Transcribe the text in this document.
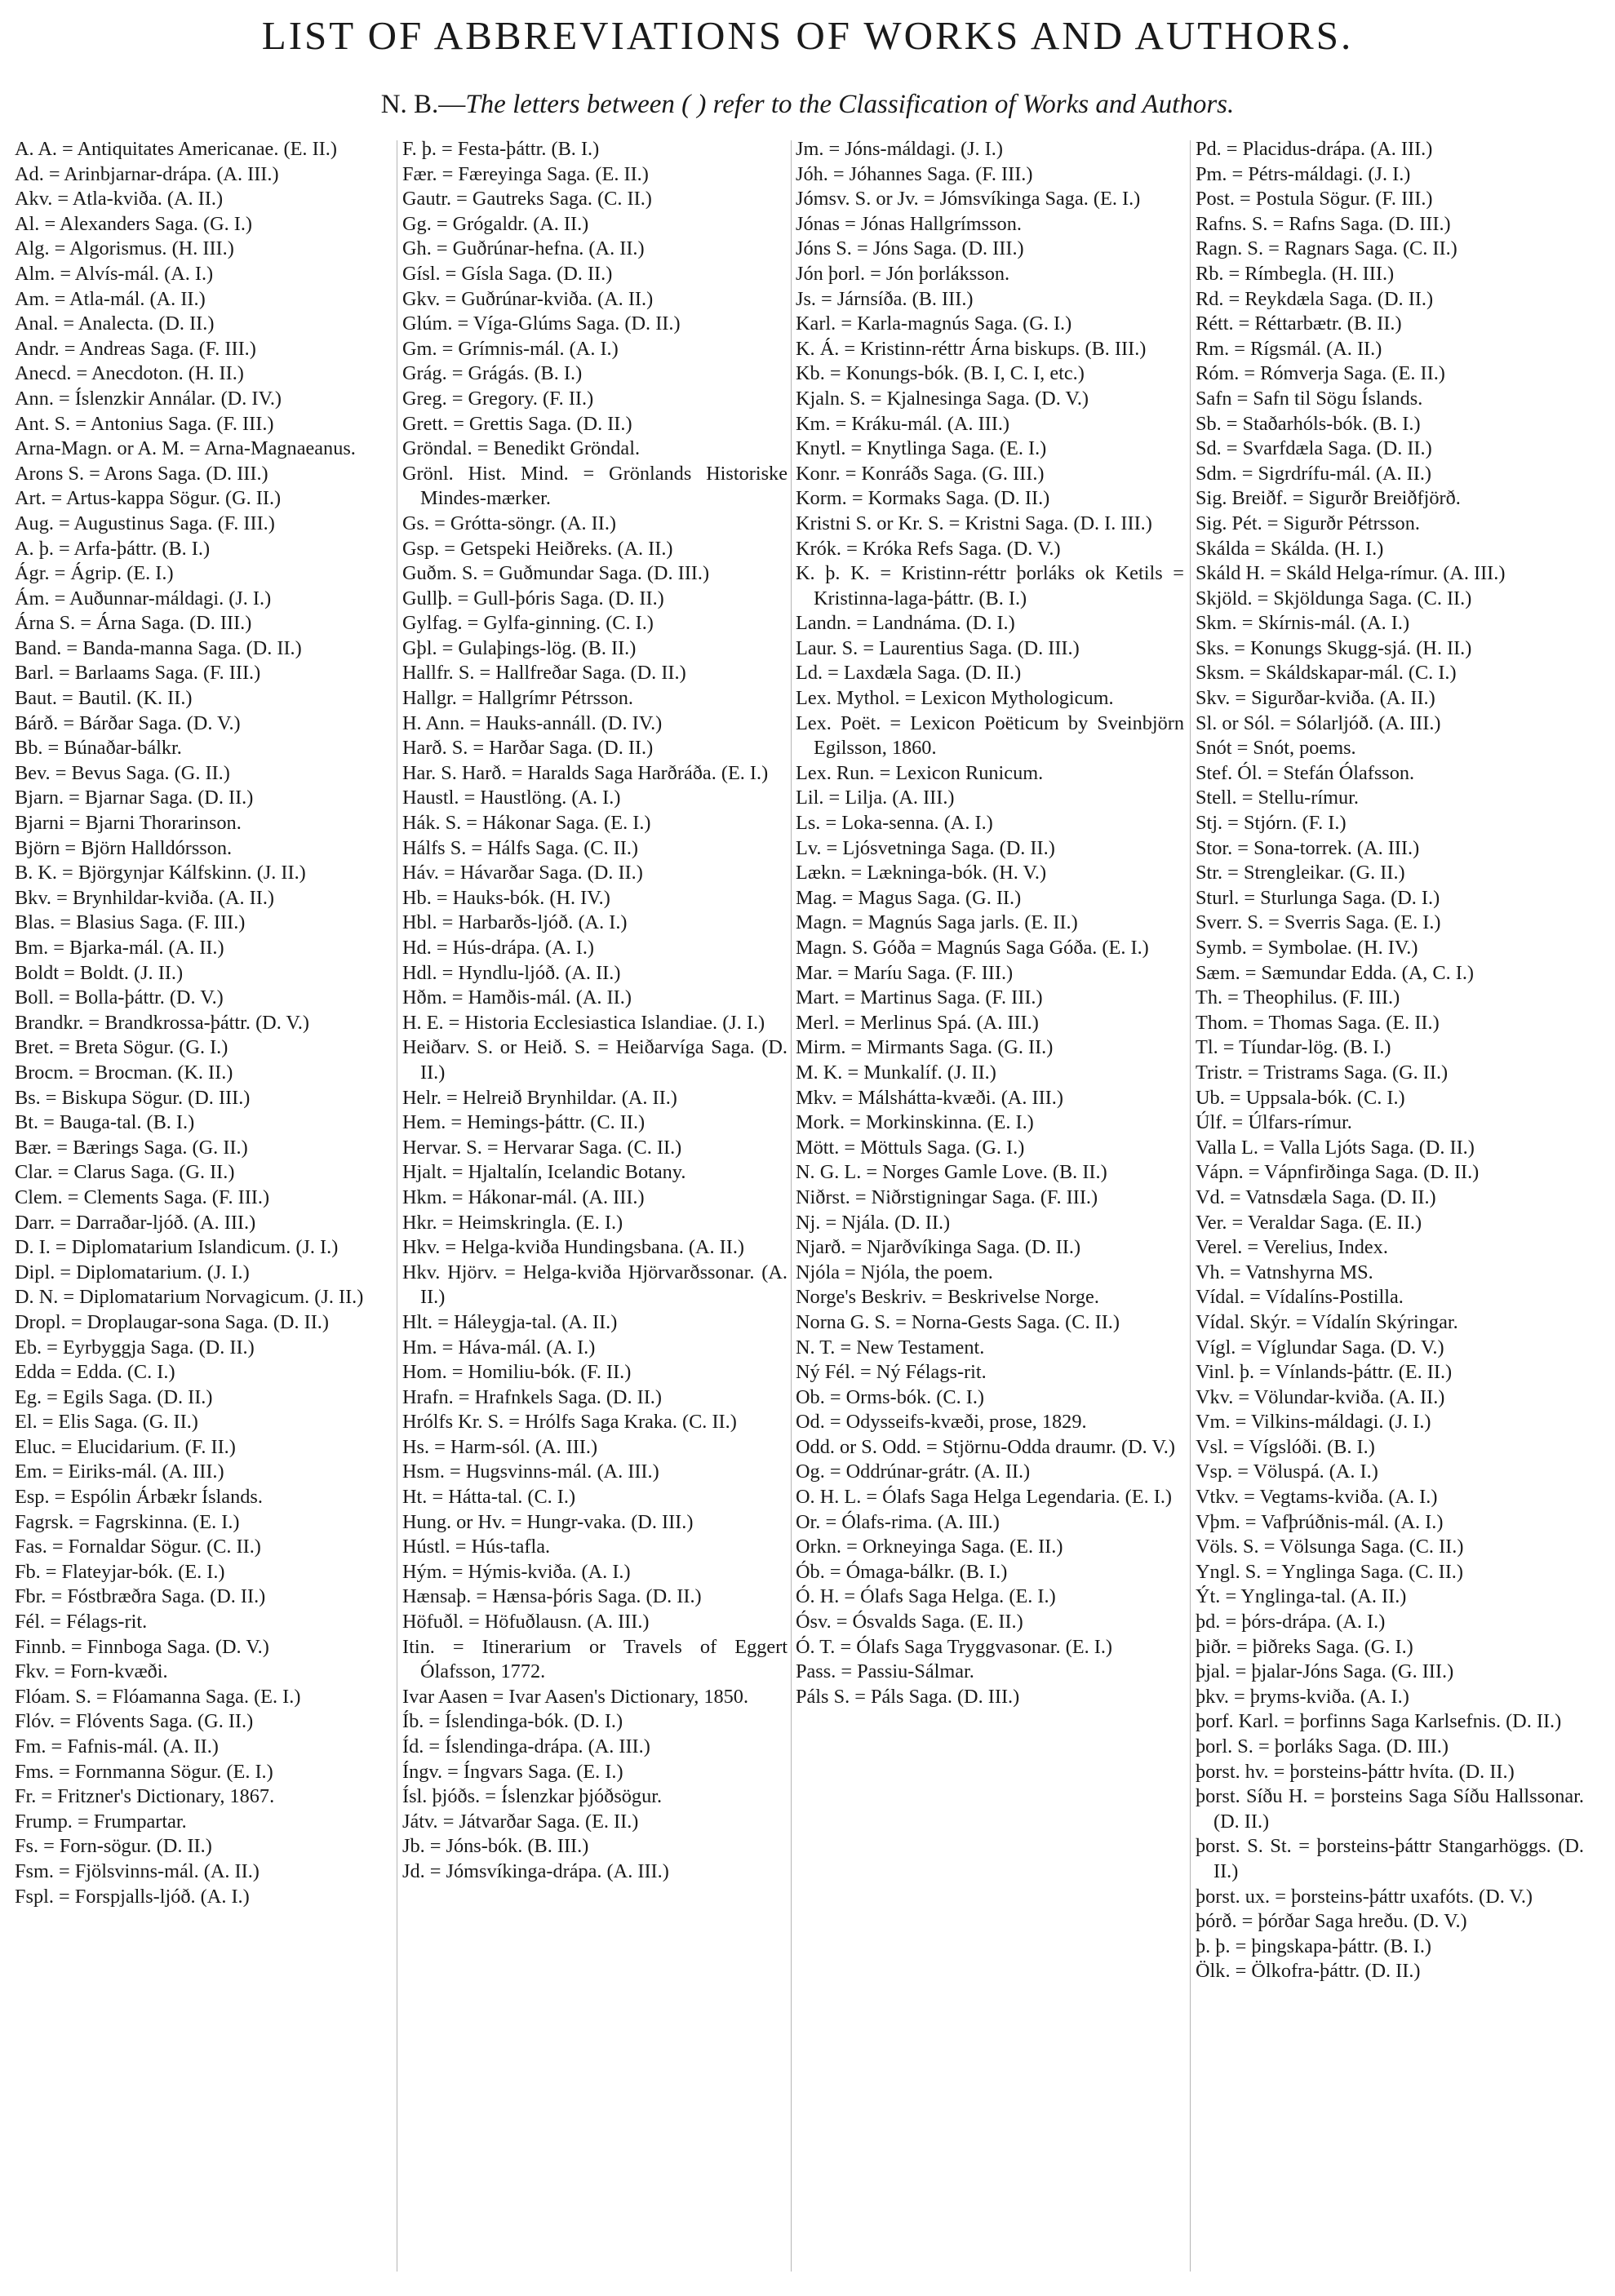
LIST OF ABBREVIATIONS OF WORKS AND AUTHORS.
N. B.—The letters between ( ) refer to the Classification of Works and Authors.
A. A. = Antiquitates Americanae. (E. II.)
Ad. = Arinbjarnar-drápa. (A. III.)
Akv. = Atla-kviða. (A. II.)
Al. = Alexanders Saga. (G. I.)
Alg. = Algorismus. (H. III.)
Alm. = Alvís-mál. (A. I.)
Am. = Atla-mál. (A. II.)
Anal. = Analecta. (D. II.)
Andr. = Andreas Saga. (F. III.)
Anecd. = Anecdoton. (H. II.)
Ann. = Íslenzkir Annálar. (D. IV.)
Ant. S. = Antonius Saga. (F. III.)
Arna-Magn. or A. M. = Arna-Magnaeanus.
Arons S. = Arons Saga. (D. III.)
Art. = Artus-kappa Sögur. (G. II.)
Aug. = Augustinus Saga. (F. III.)
A. þ. = Arfa-þáttr. (B. I.)
Ágr. = Ágrip. (E. I.)
Ám. = Auðunnar-máldagi. (J. I.)
Árna S. = Árna Saga. (D. III.)
Band. = Banda-manna Saga. (D. II.)
Barl. = Barlaams Saga. (F. III.)
Baut. = Bautil. (K. II.)
Bárð. = Bárðar Saga. (D. V.)
Bb. = Búnaðar-bálkr.
Bev. = Bevus Saga. (G. II.)
Bjarn. = Bjarnar Saga. (D. II.)
Bjarni = Bjarni Thorarinson.
Björn = Björn Halldórsson.
B. K. = Björgynjar Kálfskinn. (J. II.)
Bkv. = Brynhildar-kviða. (A. II.)
Blas. = Blasius Saga. (F. III.)
Bm. = Bjarka-mál. (A. II.)
Boldt = Boldt. (J. II.)
Boll. = Bolla-þáttr. (D. V.)
Brandkr. = Brandkrossa-þáttr. (D. V.)
Bret. = Breta Sögur. (G. I.)
Brocm. = Brocman. (K. II.)
Bs. = Biskupa Sögur. (D. III.)
Bt. = Bauga-tal. (B. I.)
Bær. = Bærings Saga. (G. II.)
Clar. = Clarus Saga. (G. II.)
Clem. = Clements Saga. (F. III.)
Darr. = Darraðar-ljóð. (A. III.)
D. I. = Diplomatarium Islandicum. (J. I.)
Dipl. = Diplomatarium. (J. I.)
D. N. = Diplomatarium Norvagicum. (J. II.)
Dropl. = Droplaugar-sona Saga. (D. II.)
Eb. = Eyrbyggja Saga. (D. II.)
Edda = Edda. (C. I.)
Eg. = Egils Saga. (D. II.)
El. = Elis Saga. (G. II.)
Eluc. = Elucidarium. (F. II.)
Em. = Eiriks-mál. (A. III.)
Esp. = Espólin Árbækr Íslands.
Fagrsk. = Fagrskinna. (E. I.)
Fas. = Fornaldar Sögur. (C. II.)
Fb. = Flateyjar-bók. (E. I.)
Fbr. = Fóstbræðra Saga. (D. II.)
Fél. = Félags-rit.
Finnb. = Finnboga Saga. (D. V.)
Fkv. = Forn-kvæði.
Flóam. S. = Flóamanna Saga. (E. I.)
Flóv. = Flóvents Saga. (G. II.)
Fm. = Fafnis-mál. (A. II.)
Fms. = Fornmanna Sögur. (E. I.)
Fr. = Fritzner's Dictionary, 1867.
Frump. = Frumpartar.
Fs. = Forn-sögur. (D. II.)
Fsm. = Fjölsvinns-mál. (A. II.)
Fspl. = Forspjalls-ljóð. (A. I.)
F. þ. = Festa-þáttr. (B. I.)
Fær. = Færeyinga Saga. (E. II.)
Gautr. = Gautreks Saga. (C. II.)
Gg. = Grógaldr. (A. II.)
Gh. = Guðrúnar-hefna. (A. II.)
Gísl. = Gísla Saga. (D. II.)
Gkv. = Guðrúnar-kviða. (A. II.)
Glúm. = Víga-Glúms Saga. (D. II.)
Gm. = Grímnis-mál. (A. I.)
Grág. = Grágás. (B. I.)
Greg. = Gregory. (F. II.)
Grett. = Grettis Saga. (D. II.)
Gröndal. = Benedikt Gröndal.
Grönl. Hist. Mind. = Grönlands Historiske Mindes-mærker.
Gs. = Grótta-söngr. (A. II.)
Gsp. = Getspeki Heiðreks. (A. II.)
Guðm. S. = Guðmundar Saga. (D. III.)
Gullþ. = Gull-þóris Saga. (D. II.)
Gylfag. = Gylfa-ginning. (C. I.)
Gþl. = Gulaþings-lög. (B. II.)
Hallfr. S. = Hallfreðar Saga. (D. II.)
Hallgr. = Hallgrímr Pétrsson.
H. Ann. = Hauks-annáll. (D. IV.)
Harð. S. = Harðar Saga. (D. II.)
Har. S. Harð. = Haralds Saga Harðráða. (E. I.)
Haustl. = Haustlöng. (A. I.)
Hák. S. = Hákonar Saga. (E. I.)
Hálfs S. = Hálfs Saga. (C. II.)
Háv. = Hávarðar Saga. (D. II.)
Hb. = Hauks-bók. (H. IV.)
Hbl. = Harbarðs-ljóð. (A. I.)
Hd. = Hús-drápa. (A. I.)
Hdl. = Hyndlu-ljóð. (A. II.)
Hðm. = Hamðis-mál. (A. II.)
H. E. = Historia Ecclesiastica Islandiae. (J. I.)
Heiðarv. S. or Heið. S. = Heiðarvíga Saga. (D. II.)
Helr. = Helreið Brynhildar. (A. II.)
Hem. = Hemings-þáttr. (C. II.)
Hervar. S. = Hervarar Saga. (C. II.)
Hjalt. = Hjaltalín, Icelandic Botany.
Hkm. = Hákonar-mál. (A. III.)
Hkr. = Heimskringla. (E. I.)
Hkv. = Helga-kviða Hundingsbana. (A. II.)
Hkv. Hjörv. = Helga-kviða Hjörvarðssonar. (A. II.)
Hlt. = Háleygja-tal. (A. II.)
Hm. = Háva-mál. (A. I.)
Hom. = Homiliu-bók. (F. II.)
Hrafn. = Hrafnkels Saga. (D. II.)
Hrólfs Kr. S. = Hrólfs Saga Kraka. (C. II.)
Hs. = Harm-sól. (A. III.)
Hsm. = Hugsvinns-mál. (A. III.)
Ht. = Hátta-tal. (C. I.)
Hung. or Hv. = Hungr-vaka. (D. III.)
Hústl. = Hús-tafla.
Hým. = Hýmis-kviða. (A. I.)
Hænsaþ. = Hænsa-þóris Saga. (D. II.)
Höfuðl. = Höfuðlausn. (A. III.)
Itin. = Itinerarium or Travels of Eggert Ólafsson, 1772.
Ivar Aasen = Ivar Aasen's Dictionary, 1850.
Íb. = Íslendinga-bók. (D. I.)
Íd. = Íslendinga-drápa. (A. III.)
Íngv. = Íngvars Saga. (E. I.)
Ísl. þjóðs. = Íslenzkar þjóðsögur.
Játv. = Játvarðar Saga. (E. II.)
Jb. = Jóns-bók. (B. III.)
Jd. = Jómsvíkinga-drápa. (A. III.)
Jm. = Jóns-máldagi. (J. I.)
Jóh. = Jóhannes Saga. (F. III.)
Jómsv. S. or Jv. = Jómsvíkinga Saga. (E. I.)
Jónas = Jónas Hallgrímsson.
Jóns S. = Jóns Saga. (D. III.)
Jón þorl. = Jón þorláksson.
Js. = Járnsíða. (B. III.)
Karl. = Karla-magnús Saga. (G. I.)
K. Á. = Kristinn-réttr Árna biskups. (B. III.)
Kb. = Konungs-bók. (B. I, C. I, etc.)
Kjaln. S. = Kjalnesinga Saga. (D. V.)
Km. = Kráku-mál. (A. III.)
Knytl. = Knytlinga Saga. (E. I.)
Konr. = Konráðs Saga. (G. III.)
Korm. = Kormaks Saga. (D. II.)
Kristni S. or Kr. S. = Kristni Saga. (D. I. III.)
Krók. = Króka Refs Saga. (D. V.)
K. þ. K. = Kristinn-réttr þorláks ok Ketils = Kristinna-laga-þáttr. (B. I.)
Landn. = Landnáma. (D. I.)
Laur. S. = Laurentius Saga. (D. III.)
Ld. = Laxdæla Saga. (D. II.)
Lex. Mythol. = Lexicon Mythologicum.
Lex. Poët. = Lexicon Poëticum by Sveinbjörn Egilsson, 1860.
Lex. Run. = Lexicon Runicum.
Lil. = Lilja. (A. III.)
Ls. = Loka-senna. (A. I.)
Lv. = Ljósvetninga Saga. (D. II.)
Lækn. = Lækninga-bók. (H. V.)
Mag. = Magus Saga. (G. II.)
Magn. = Magnús Saga jarls. (E. II.)
Magn. S. Góða = Magnús Saga Góða. (E. I.)
Mar. = Maríu Saga. (F. III.)
Mart. = Martinus Saga. (F. III.)
Merl. = Merlinus Spá. (A. III.)
Mirm. = Mirmants Saga. (G. II.)
M. K. = Munkalíf. (J. II.)
Mkv. = Málshátta-kvæði. (A. III.)
Mork. = Morkinskinna. (E. I.)
Mött. = Möttuls Saga. (G. I.)
N. G. L. = Norges Gamle Love. (B. II.)
Niðrst. = Niðrstigningar Saga. (F. III.)
Nj. = Njála. (D. II.)
Njarð. = Njarðvíkinga Saga. (D. II.)
Njóla = Njóla, the poem.
Norge's Beskriv. = Beskrivelse Norge.
Norna G. S. = Norna-Gests Saga. (C. II.)
N. T. = New Testament.
Ný Fél. = Ný Félags-rit.
Ob. = Orms-bók. (C. I.)
Od. = Odysseifs-kvæði, prose, 1829.
Odd. or S. Odd. = Stjörnu-Odda draumr. (D. V.)
Og. = Oddrúnar-grátr. (A. II.)
O. H. L. = Ólafs Saga Helga Legendaria. (E. I.)
Or. = Ólafs-rima. (A. III.)
Orkn. = Orkneyinga Saga. (E. II.)
Ób. = Ómaga-bálkr. (B. I.)
Ó. H. = Ólafs Saga Helga. (E. I.)
Ósv. = Ósvalds Saga. (E. II.)
Ó. T. = Ólafs Saga Tryggvasonar. (E. I.)
Pass. = Passiu-Sálmar.
Páls S. = Páls Saga. (D. III.)
Pd. = Placidus-drápa. (A. III.)
Pm. = Pétrs-máldagi. (J. I.)
Post. = Postula Sögur. (F. III.)
Rafns. S. = Rafns Saga. (D. III.)
Ragn. S. = Ragnars Saga. (C. II.)
Rb. = Rímbegla. (H. III.)
Rd. = Reykdæla Saga. (D. II.)
Rétt. = Réttarbætr. (B. II.)
Rm. = Rígsmál. (A. II.)
Róm. = Rómverja Saga. (E. II.)
Safn = Safn til Sögu Íslands.
Sb. = Staðarhóls-bók. (B. I.)
Sd. = Svarfdæla Saga. (D. II.)
Sdm. = Sigrdrífu-mál. (A. II.)
Sig. Breiðf. = Sigurðr Breiðfjörð.
Sig. Pét. = Sigurðr Pétrsson.
Skálda = Skálda. (H. I.)
Skáld H. = Skáld Helga-rímur. (A. III.)
Skjöld. = Skjöldunga Saga. (C. II.)
Skm. = Skírnis-mál. (A. I.)
Sks. = Konungs Skugg-sjá. (H. II.)
Sksm. = Skáldskapar-mál. (C. I.)
Skv. = Sigurðar-kviða. (A. II.)
Sl. or Sól. = Sólarljóð. (A. III.)
Snót = Snót, poems.
Stef. Ól. = Stefán Ólafsson.
Stell. = Stellu-rímur.
Stj. = Stjórn. (F. I.)
Stor. = Sona-torrek. (A. III.)
Str. = Strengleikar. (G. II.)
Sturl. = Sturlunga Saga. (D. I.)
Sverr. S. = Sverris Saga. (E. I.)
Symb. = Symbolae. (H. IV.)
Sæm. = Sæmundar Edda. (A, C. I.)
Th. = Theophilus. (F. III.)
Thom. = Thomas Saga. (E. II.)
Tl. = Tíundar-lög. (B. I.)
Tristr. = Tristrams Saga. (G. II.)
Ub. = Uppsala-bók. (C. I.)
Úlf. = Úlfars-rímur.
Valla L. = Valla Ljóts Saga. (D. II.)
Vápn. = Vápnfirðinga Saga. (D. II.)
Vd. = Vatnsdæla Saga. (D. II.)
Ver. = Veraldar Saga. (E. II.)
Verel. = Verelius, Index.
Vh. = Vatnshyrna MS.
Vídal. = Vídalíns-Postilla.
Vídal. Skýr. = Vídalín Skýringar.
Vígl. = Víglundar Saga. (D. V.)
Vinl. þ. = Vínlands-þáttr. (E. II.)
Vkv. = Völundar-kviða. (A. II.)
Vm. = Vilkins-máldagi. (J. I.)
Vsl. = Vígslóði. (B. I.)
Vsp. = Völuspá. (A. I.)
Vtkv. = Vegtams-kviða. (A. I.)
Vþm. = Vafþrúðnis-mál. (A. I.)
Völs. S. = Völsunga Saga. (C. II.)
Yngl. S. = Ynglinga Saga. (C. II.)
Ýt. = Ynglinga-tal. (A. II.)
þd. = þórs-drápa. (A. I.)
þiðr. = þiðreks Saga. (G. I.)
þjal. = þjalar-Jóns Saga. (G. III.)
þkv. = þryms-kviða. (A. I.)
þorf. Karl. = þorfinns Saga Karlsefnis. (D. II.)
þorl. S. = þorláks Saga. (D. III.)
þorst. hv. = þorsteins-þáttr hvíta. (D. II.)
þorst. Síðu H. = þorsteins Saga Síðu Hallssonar. (D. II.)
þorst. S. St. = þorsteins-þáttr Stangarhöggs. (D. II.)
þorst. ux. = þorsteins-þáttr uxafóts. (D. V.)
þórð. = þórðar Saga hreðu. (D. V.)
þ. þ. = þingskapa-þáttr. (B. I.)
Ölk. = Ölkofra-þáttr. (D. II.)
